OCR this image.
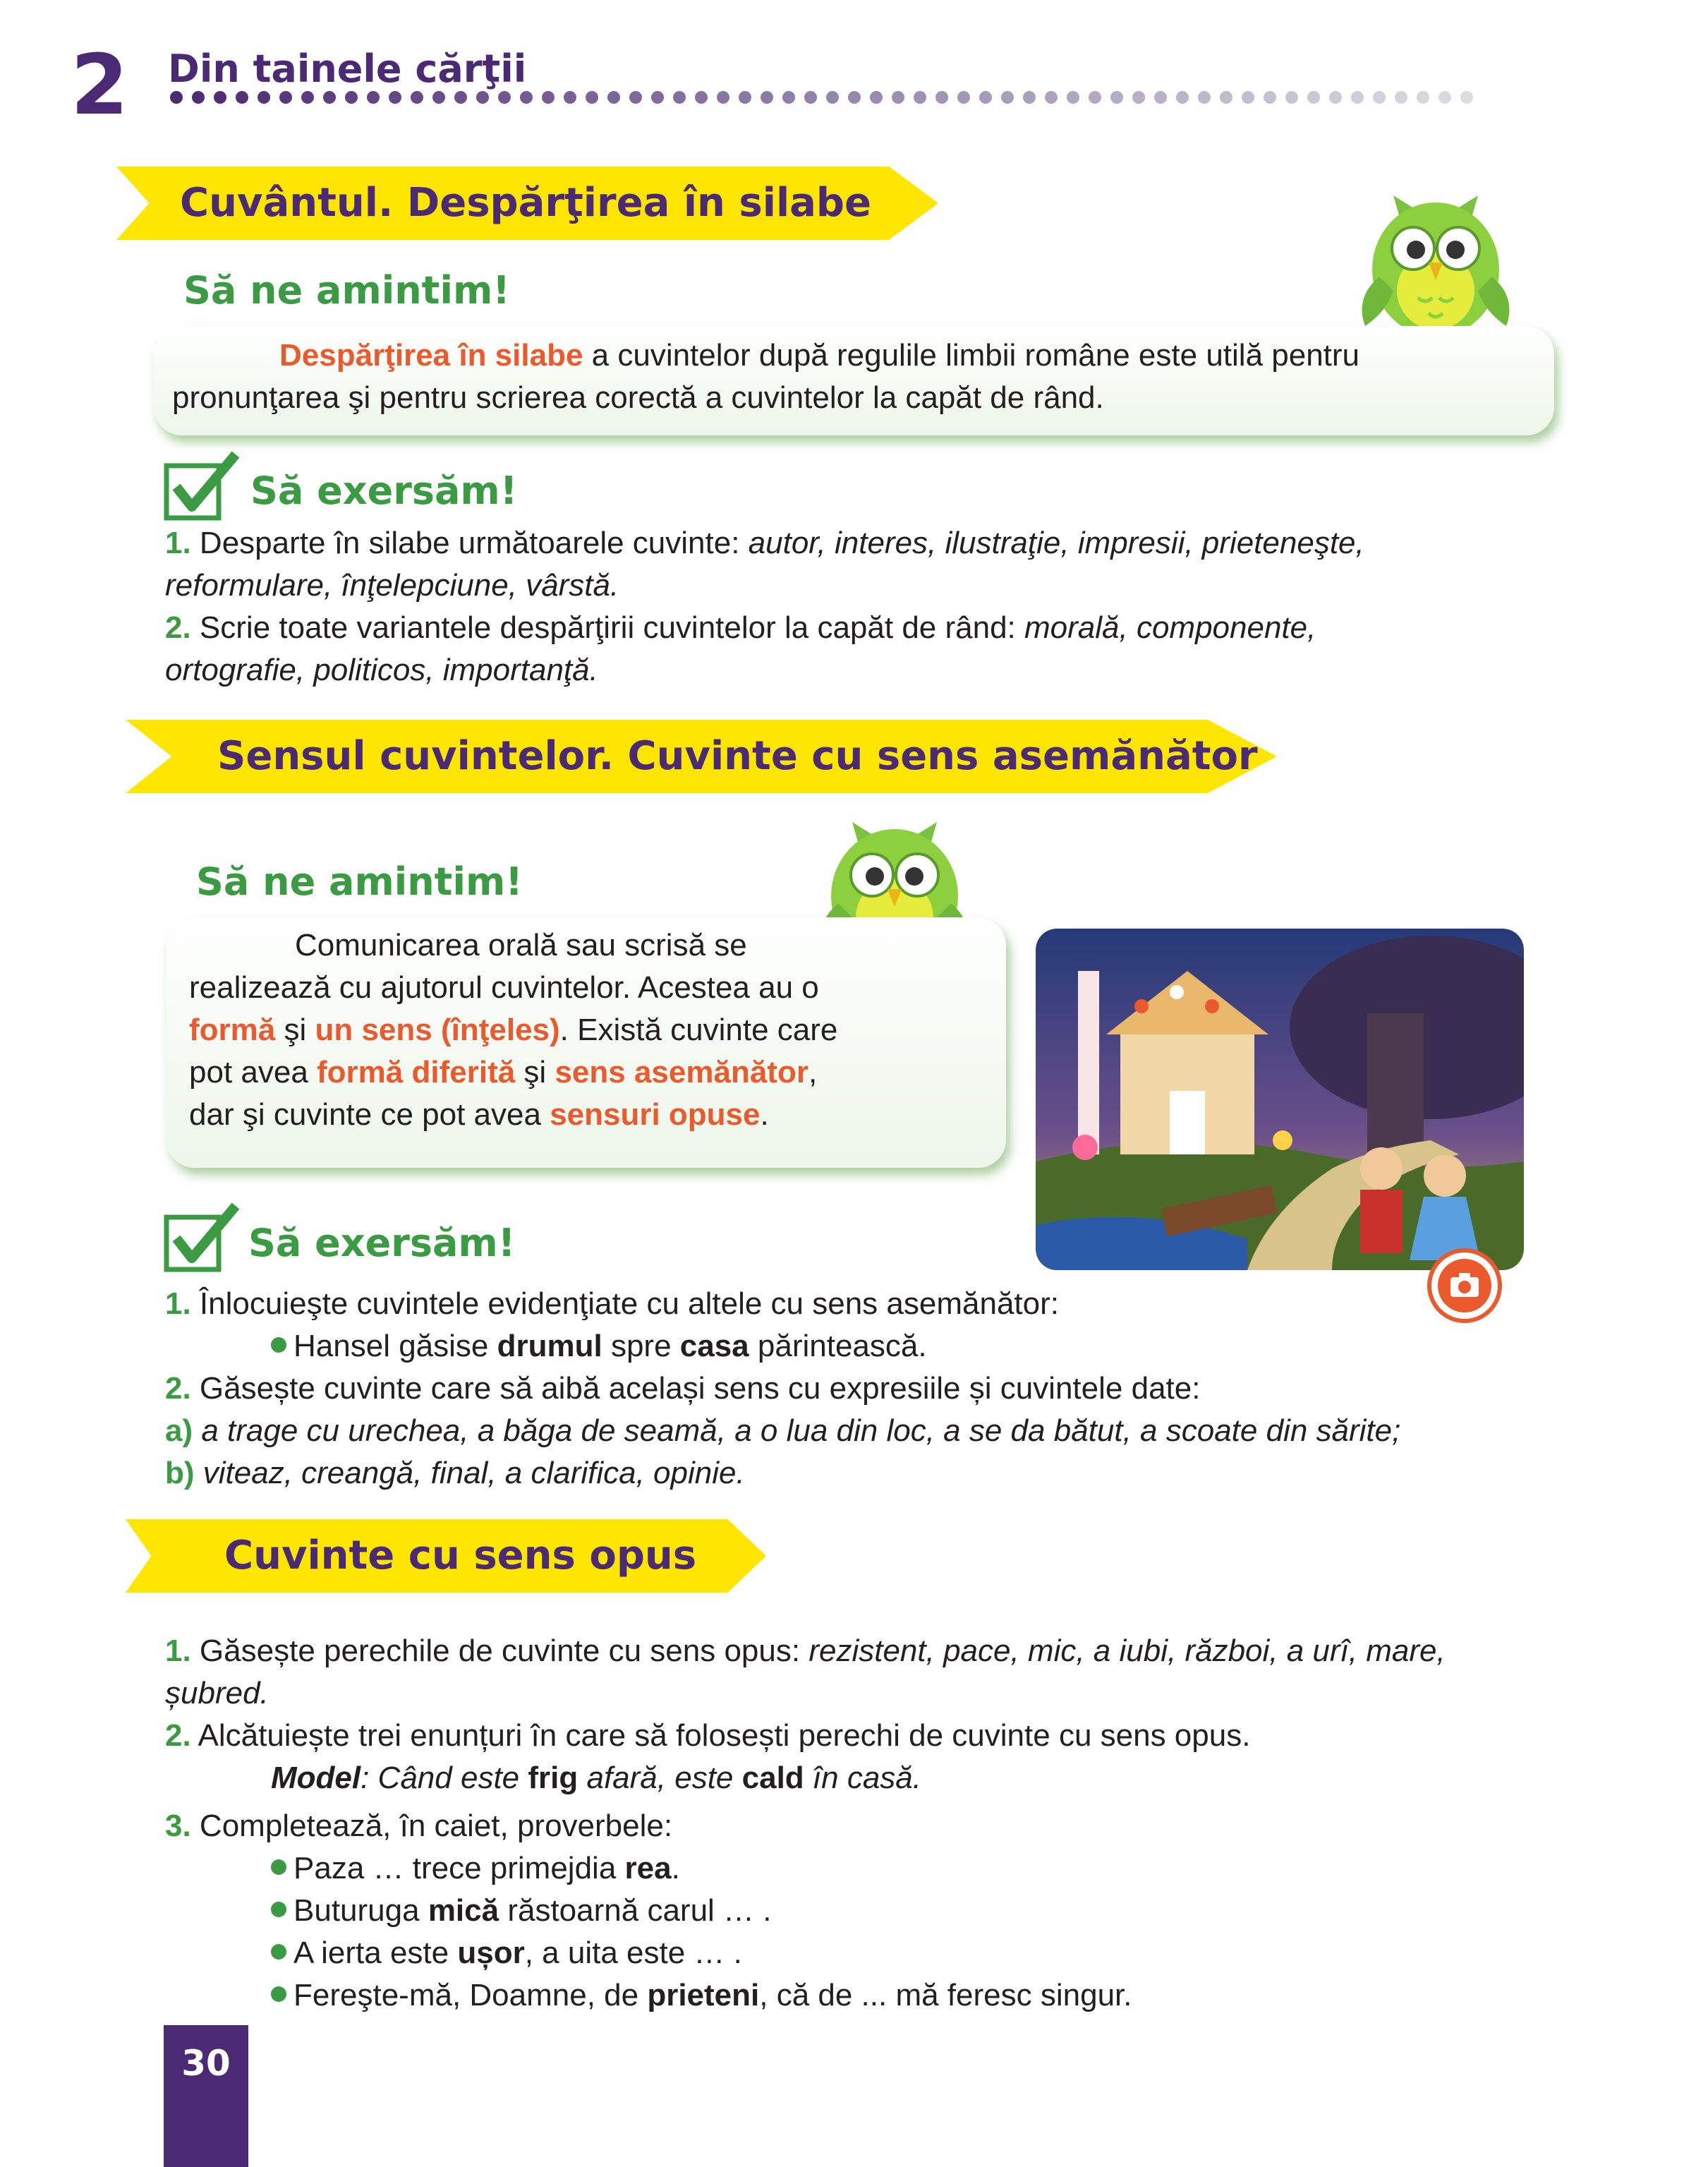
2 Din tainele cărţii
Cuvântul. Despărţirea în silabe
Să ne amintim!

Despărţirea în silabe a cuvintelor după regulile limbii române este utilă pentru

pronunţarea şi pentru scrierea corectă a cuvintelor la capăt de rând.

Să exersăm!

1. Desparte în silabe următoarele cuvinte: autor, interes, ilustraţie, impresii, prieteneşte,

reformulare, înţelepciune, vârstă.

2. Scrie toate variantele despărţirii cuvintelor la capăt de rând: morală, componente,

ortografie, politicos, importanţă.

Sensul cuvintelor. Cuvinte cu sens asemănător
Să ne amintim!

Comunicarea orală sau scrisă se

realizează cu ajutorul cuvintelor. Acestea au o

formă şi un sens (înţeles). Există cuvinte care

pot avea formă diferită şi sens asemănător,

dar şi cuvinte ce pot avea sensuri opuse.

Să exersăm!

1. Înlocuieşte cuvintele evidenţiate cu altele cu sens asemănător:

Hansel găsise drumul spre casa părintească.

2. Găsește cuvinte care să aibă același sens cu expresiile și cuvintele date:

a) a trage cu urechea, a băga de seamă, a o lua din loc, a se da bătut, a scoate din sărite;

b) viteaz, creangă, final, a clarifica, opinie.

Cuvinte cu sens opus

1. Găsește perechile de cuvinte cu sens opus: rezistent, pace, mic, a iubi, război, a urî, mare,

șubred.

2. Alcătuiește trei enunțuri în care să folosești perechi de cuvinte cu sens opus.

Model: Când este frig afară, este cald în casă.

3. Completează, în caiet, proverbele:

Paza … trece primejdia rea.

Buturuga mică răstoarnă carul … .

A ierta este ușor, a uita este … .

Fereşte-mă, Doamne, de prieteni, că de ... mă feresc singur.

30
